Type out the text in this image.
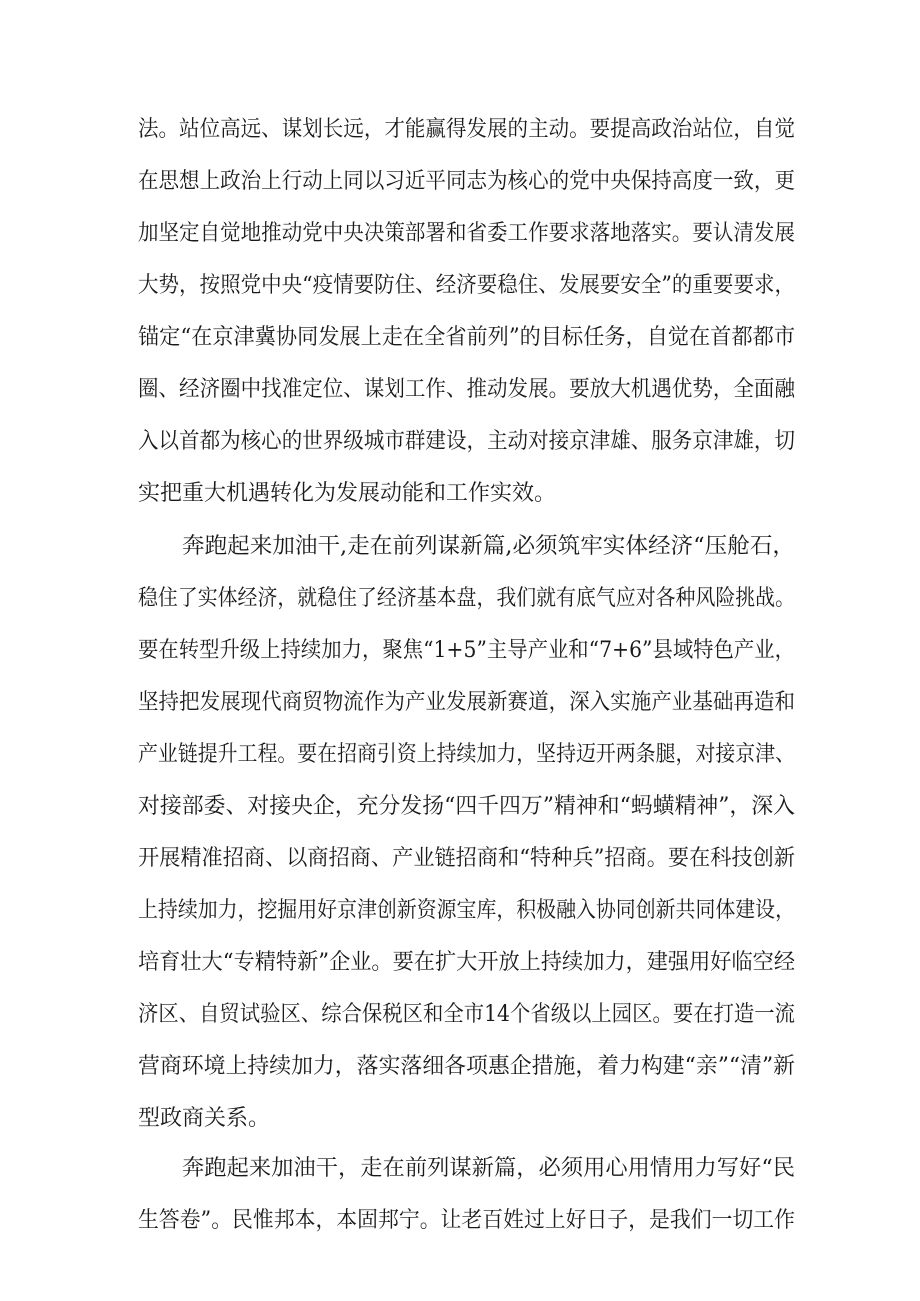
法。站位高远、谋划长远，才能赢得发展的主动。要提高政治站位，自觉
在思想上政治上行动上同以习近平同志为核心的党中央保持高度一致，更
加坚定自觉地推动党中央决策部署和省委工作要求落地落实。要认清发展
大势，按照党中央“疫情要防住、经济要稳住、发展要安全”的重要要求，
锚定“在京津冀协同发展上走在全省前列”的目标任务，自觉在首都都市
圈、经济圈中找准定位、谋划工作、推动发展。要放大机遇优势，全面融
入以首都为核心的世界级城市群建设，主动对接京津雄、服务京津雄，切
实把重大机遇转化为发展动能和工作实效。
奔跑起来加油干,走在前列谋新篇,必须筑牢实体经济“压舱石，
稳住了实体经济，就稳住了经济基本盘，我们就有底气应对各种风险挑战。
要在转型升级上持续加力，聚焦“1+5”主导产业和“7+6”县域特色产业，
坚持把发展现代商贸物流作为产业发展新赛道，深入实施产业基础再造和
产业链提升工程。要在招商引资上持续加力，坚持迈开两条腿，对接京津、
对接部委、对接央企，充分发扬“四千四万”精神和“蚂蟥精神”，深入
开展精准招商、以商招商、产业链招商和“特种兵”招商。要在科技创新
上持续加力，挖掘用好京津创新资源宝库，积极融入协同创新共同体建设，
培育壮大“专精特新”企业。要在扩大开放上持续加力，建强用好临空经
济区、自贸试验区、综合保税区和全市14个省级以上园区。要在打造一流
营商环境上持续加力，落实落细各项惠企措施，着力构建“亲”“清”新
型政商关系。
奔跑起来加油干，走在前列谋新篇，必须用心用情用力写好“民
生答卷”。民惟邦本，本固邦宁。让老百姓过上好日子，是我们一切工作
